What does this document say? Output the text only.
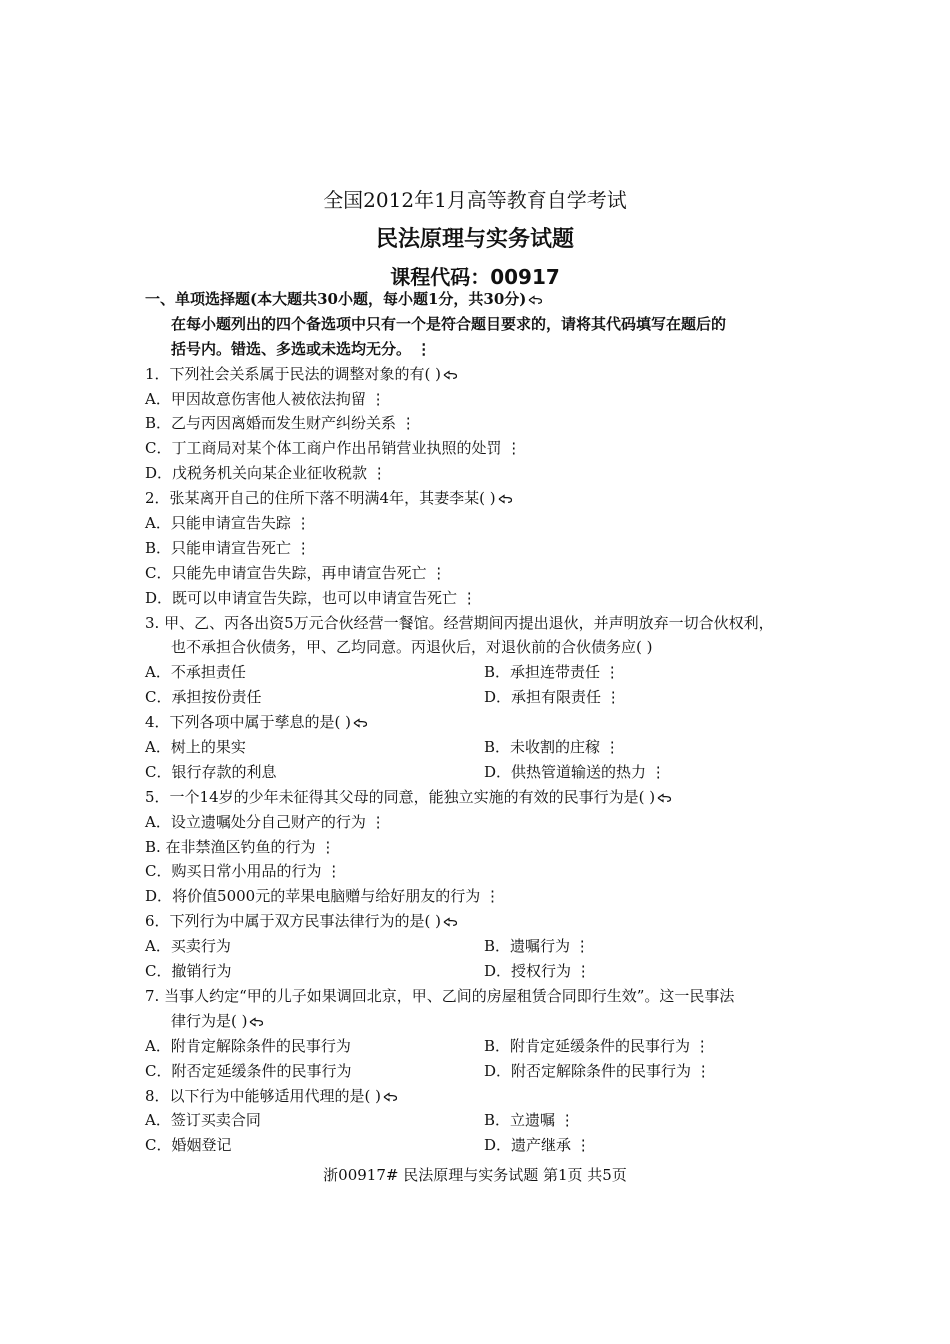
全国2012年1月高等教育自学考试
民法原理与实务试题
课程代码：00917
一、单项选择题(本大题共30小题，每小题1分，共30分)
在每小题列出的四个备选项中只有一个是符合题目要求的，请将其代码填写在题后的
括号内。错选、多选或未选均无分。 ⋮
1．下列社会关系属于民法的调整对象的有( )
A．甲因故意伤害他人被依法拘留 ⋮
B．乙与丙因离婚而发生财产纠纷关系 ⋮
C．丁工商局对某个体工商户作出吊销营业执照的处罚 ⋮
D．戊税务机关向某企业征收税款 ⋮
2．张某离开自己的住所下落不明满4年，其妻李某( )
A．只能申请宣告失踪 ⋮
B．只能申请宣告死亡 ⋮
C．只能先申请宣告失踪，再申请宣告死亡 ⋮
D．既可以申请宣告失踪，也可以申请宣告死亡 ⋮
3. 甲、乙、丙各出资5万元合伙经营一餐馆。经营期间丙提出退伙，并声明放弃一切合伙权利，
也不承担合伙债务，甲、乙均同意。丙退伙后，对退伙前的合伙债务应( )
A．不承担责任	B．承担连带责任 ⋮
C．承担按份责任	D．承担有限责任 ⋮
4．下列各项中属于孳息的是( )
A．树上的果实	B．未收割的庄稼 ⋮
C．银行存款的利息	D．供热管道输送的热力 ⋮
5．一个14岁的少年未征得其父母的同意，能独立实施的有效的民事行为是( )
A．设立遗嘱处分自己财产的行为 ⋮
B. 在非禁渔区钓鱼的行为 ⋮
C．购买日常小用品的行为 ⋮
D．将价值5000元的苹果电脑赠与给好朋友的行为 ⋮
6．下列行为中属于双方民事法律行为的是( )
A．买卖行为	B．遗嘱行为 ⋮
C．撤销行为	D．授权行为 ⋮
7. 当事人约定“甲的儿子如果调回北京，甲、乙间的房屋租赁合同即行生效”。这一民事法
律行为是( )
A．附肯定解除条件的民事行为	B．附肯定延缓条件的民事行为 ⋮
C．附否定延缓条件的民事行为	D．附否定解除条件的民事行为 ⋮
8．以下行为中能够适用代理的是( )
A．签订买卖合同	B．立遗嘱 ⋮
C．婚姻登记	D．遗产继承 ⋮
浙00917# 民法原理与实务试题 第1页 共5页
